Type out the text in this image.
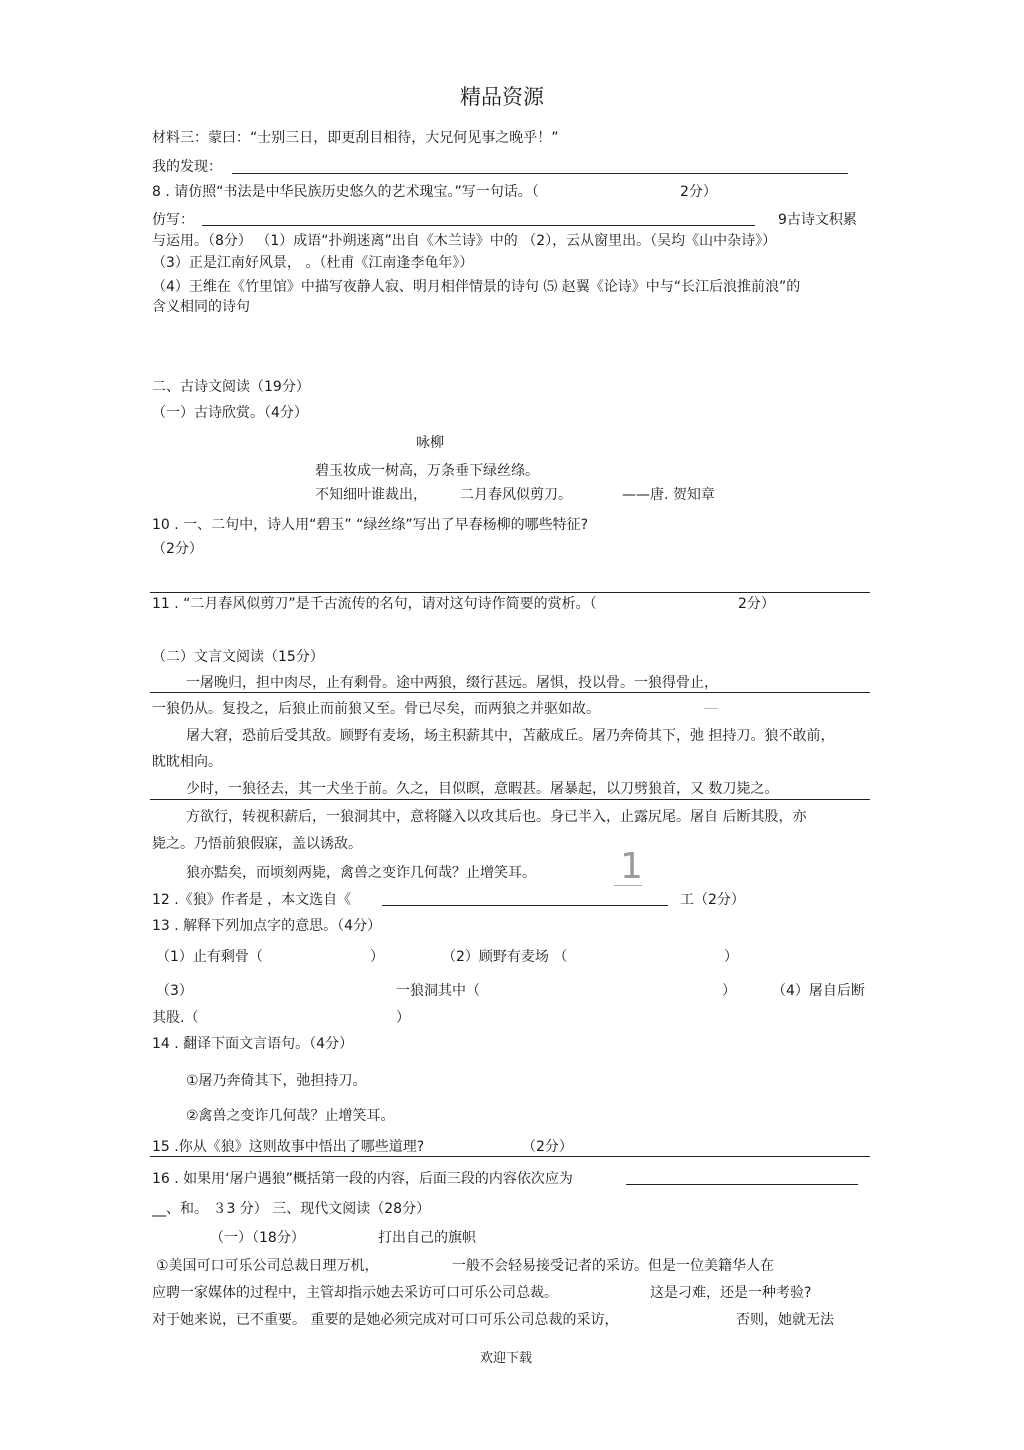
精品资源
材料三：蒙曰：“士别三日，即更刮目相待，大兄何见事之晚乎！”
我的发现：
8 . 请仿照“书法是中华民族历史悠久的艺术瑰宝。”写一句话。（	2分）
仿写：	9古诗文积累
与运用。（8分） （1）成语“扑朔迷离”出自《木兰诗》中的 （2），云从窗里出。（吴均《山中杂诗》）
（3）正是江南好风景， 。（杜甫《江南逢李龟年》）
（4）王维在《竹里馆》中描写夜静人寂、明月相伴情景的诗句 ⑸ 赵翼《论诗》中与“长江后浪推前浪”的
含义相同的诗句
二、古诗文阅读（19分）
（一）古诗欣赏。（4分）
咏柳
碧玉妆成一树高，万条垂下绿丝绦。
不知细叶谁裁出， 二月春风似剪刀。	——唐. 贺知章
10 . 一、二句中，诗人用“碧玉” “绿丝绦”写出了早春杨柳的哪些特征?
（2分）
11 . “二月春风似剪刀”是千古流传的名句，请对这句诗作简要的赏析。（	2分）
（二）文言文阅读（15分）
一屠晚归，担中肉尽，止有剩骨。途中两狼，缀行甚远。屠惧，投以骨。一狼得骨止，
一狼仍从。复投之，后狼止而前狼又至。骨已尽矣，而两狼之并驱如故。
屠大窘，恐前后受其敌。顾野有麦场，场主积薪其中，苫蔽成丘。屠乃奔倚其下，弛 担持刀。狼不敢前，
眈眈相向。
少时，一狼径去，其一犬坐于前。久之，目似瞑，意暇甚。屠暴起，以刀劈狼首，又 数刀毙之。
方欲行，转视积薪后，一狼洞其中，意将隧入以攻其后也。身已半入，止露尻尾。屠自 后断其股，亦
毙之。乃悟前狼假寐，盖以诱敌。
狼亦黠矣，而顷刻两毙，禽兽之变诈几何哉？止增笑耳。 1
12 .《狼》作者是 ，本文选自《	工（2分）
13 . 解释下列加点字的意思。（4分）
（1）止有剩骨（	）	（2）顾野有麦场 （	）
（3）	一狼洞其中（	）	（4）屠自后断
其股.（	）
14 . 翻译下面文言语句。（4分）
①屠乃奔倚其下，弛担持刀。
②禽兽之变诈几何哉？止增笑耳。
15 .你从《狼》这则故事中悟出了哪些道理?	（2分）
16 . 如果用‘屠户遇狼”概括第一段的内容，后面三段的内容依次应为
__、和。 ３3 分） 三、现代文阅读（28分）
（一）（18分）	打出自己的旗帜
①美国可口可乐公司总裁日理万机，	一般不会轻易接受记者的采访。但是一位美籍华人在
应聘一家媒体的过程中，主管却指示她去采访可口可乐公司总裁。	这是刁难，还是一种考验?
对于她来说，已不重要。 重要的是她必须完成对可口可乐公司总裁的采访，	否则，她就无法
欢迎下载
